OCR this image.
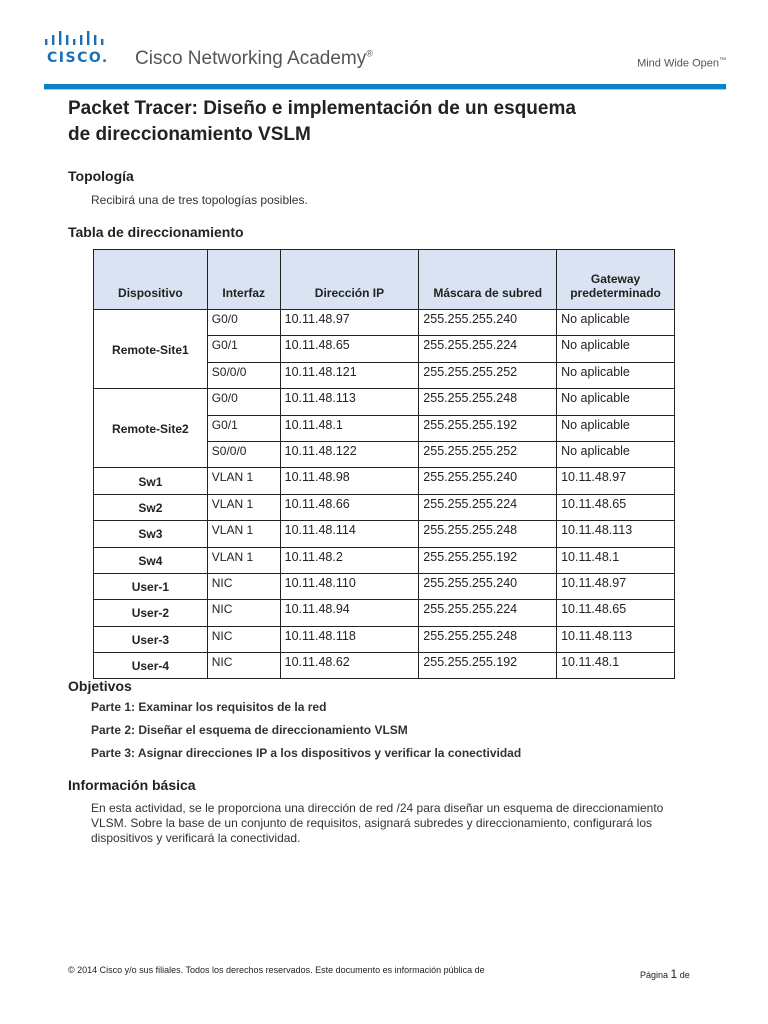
CISCO. Cisco Networking Academy®
Mind Wide Open™
Packet Tracer: Diseño e implementación de un esquema
de direccionamiento VSLM
Topología
Recibirá una de tres topologías posibles.
Tabla de direccionamiento
Dispositivo	Interfaz	Dirección IP	Máscara de subred	Gateway predeterminado
Remote-Site1	G0/0	10.11.48.97	255.255.255.240	No aplicable
	G0/1	10.11.48.65	255.255.255.224	No aplicable
	S0/0/0	10.11.48.121	255.255.255.252	No aplicable
Remote-Site2	G0/0	10.11.48.113	255.255.255.248	No aplicable
	G0/1	10.11.48.1	255.255.255.192	No aplicable
	S0/0/0	10.11.48.122	255.255.255.252	No aplicable
Sw1	VLAN 1	10.11.48.98	255.255.255.240	10.11.48.97
Sw2	VLAN 1	10.11.48.66	255.255.255.224	10.11.48.65
Sw3	VLAN 1	10.11.48.114	255.255.255.248	10.11.48.113
Sw4	VLAN 1	10.11.48.2	255.255.255.192	10.11.48.1
User-1	NIC	10.11.48.110	255.255.255.240	10.11.48.97
User-2	NIC	10.11.48.94	255.255.255.224	10.11.48.65
User-3	NIC	10.11.48.118	255.255.255.248	10.11.48.113
User-4	NIC	10.11.48.62	255.255.255.192	10.11.48.1
Objetivos
Parte 1: Examinar los requisitos de la red
Parte 2: Diseñar el esquema de direccionamiento VLSM
Parte 3: Asignar direcciones IP a los dispositivos y verificar la conectividad
Información básica
En esta actividad, se le proporciona una dirección de red /24 para diseñar un esquema de direccionamiento
VLSM. Sobre la base de un conjunto de requisitos, asignará subredes y direccionamiento, configurará los
dispositivos y verificará la conectividad.
© 2014 Cisco y/o sus filiales. Todos los derechos reservados. Este documento es información pública de	Página 1 de
